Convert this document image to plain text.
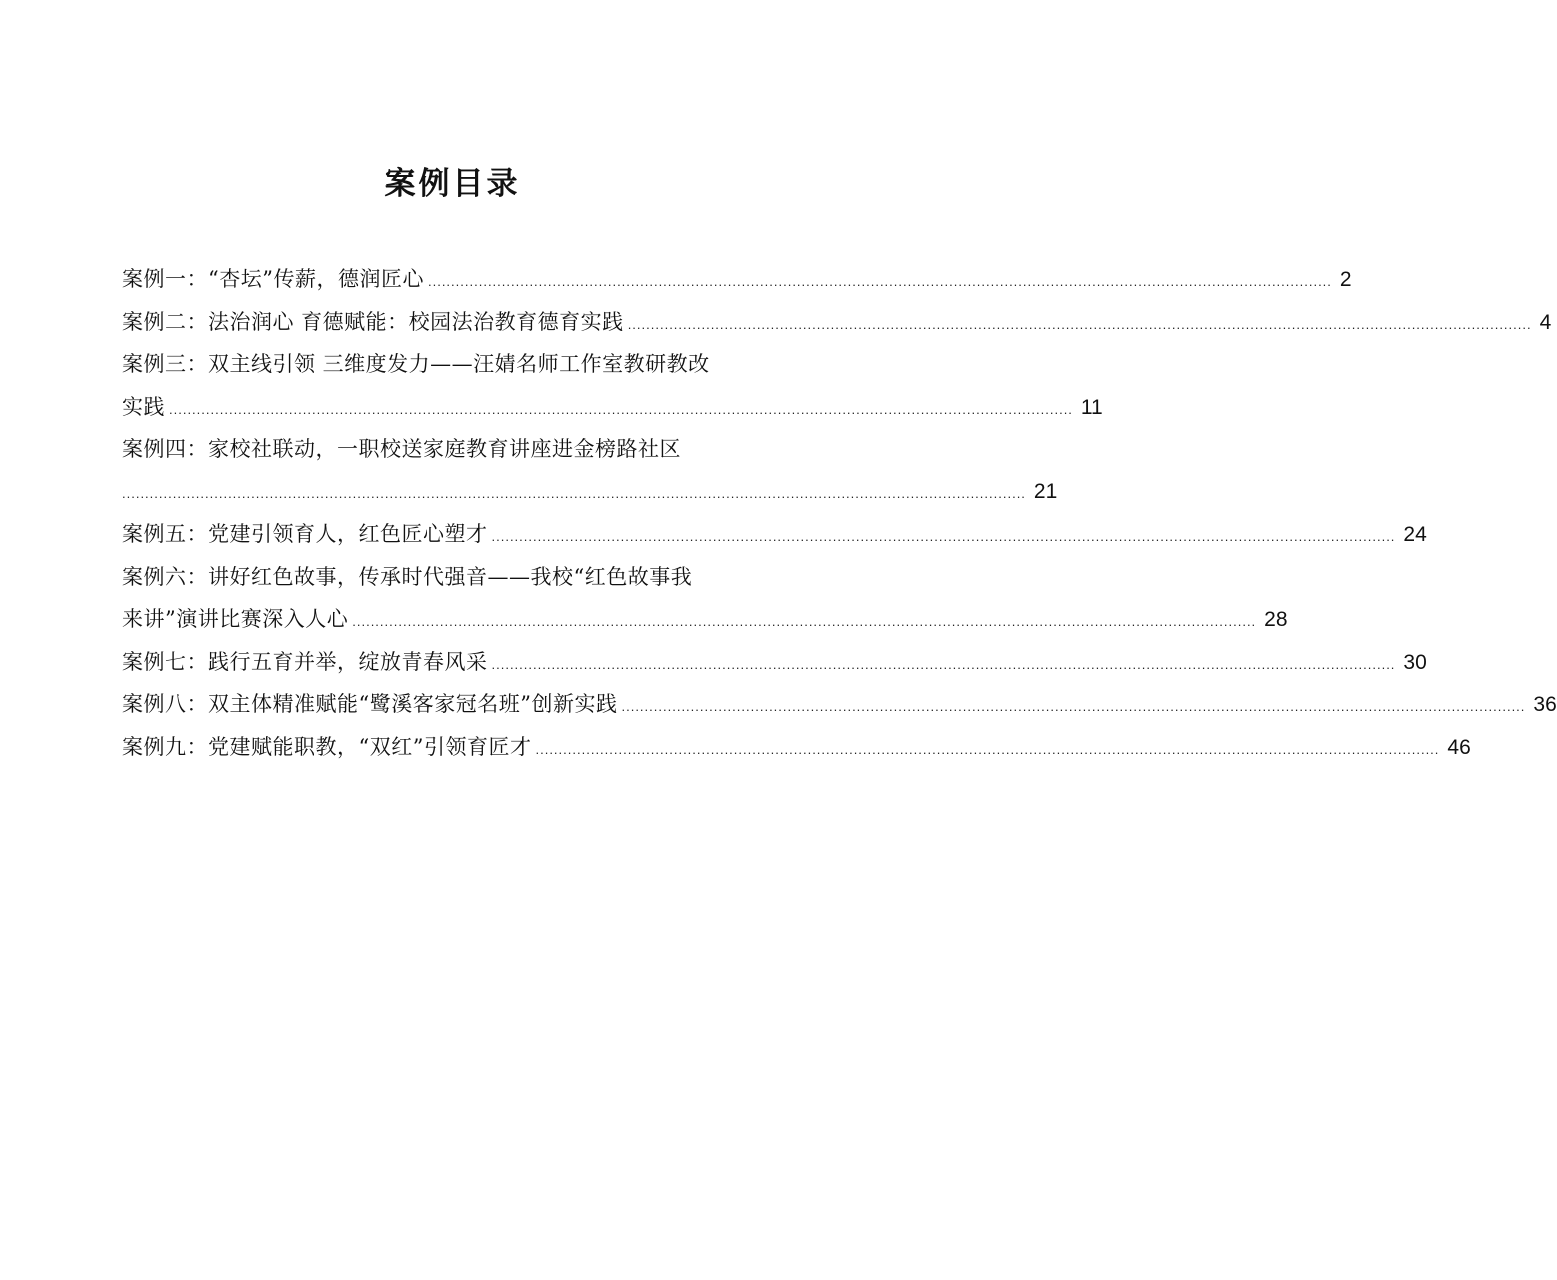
案例目录
案例一：“杏坛”传薪，德润匠心 .................................................................................................................................................................................................... 2
案例二：法治润心 育德赋能：校园法治教育德育实践 .................................................................................................................................................................................................... 4
案例三：双主线引领 三维度发力——汪婧名师工作室教研教改
实践 .................................................................................................................................................................................................... 11
案例四：家校社联动，一职校送家庭教育讲座进金榜路社区
.................................................................................................................................................................................................... 21
案例五：党建引领育人，红色匠心塑才 .................................................................................................................................................................................................... 24
案例六：讲好红色故事，传承时代强音——我校“红色故事我
来讲”演讲比赛深入人心 .................................................................................................................................................................................................... 28
案例七：践行五育并举，绽放青春风采 .................................................................................................................................................................................................... 30
案例八：双主体精准赋能“鹭溪客家冠名班”创新实践 .................................................................................................................................................................................................... 36
案例九：党建赋能职教，“双红”引领育匠才 .................................................................................................................................................................................................... 46
